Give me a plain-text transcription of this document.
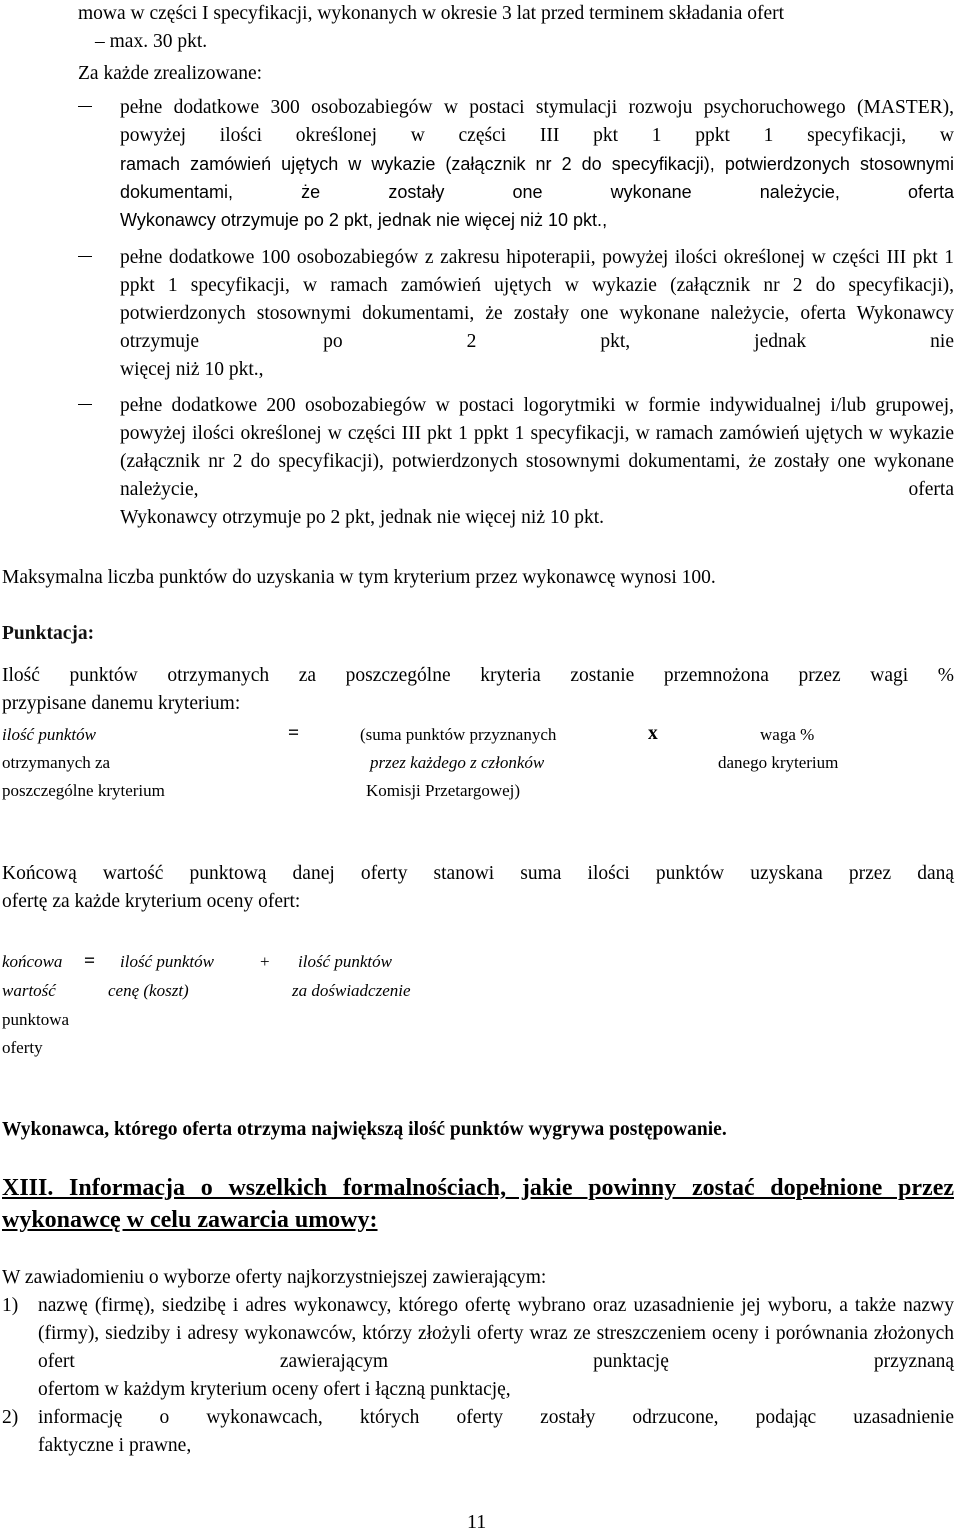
mowa w części I specyfikacji, wykonanych w okresie 3 lat przed terminem składania ofert
– max. 30 pkt.
Za każde zrealizowane:
pełne dodatkowe 300 osobozabiegów w postaci stymulacji rozwoju psychoruchowego (MASTER), powyżej ilości określonej w części III pkt 1 ppkt 1 specyfikacji, w
ramach zamówień ujętych w wykazie (załącznik nr 2 do specyfikacji), potwierdzonych stosownymi dokumentami, że zostały one wykonane należycie, oferta
Wykonawcy otrzymuje po 2 pkt, jednak nie więcej niż 10 pkt.,
pełne dodatkowe 100 osobozabiegów z zakresu hipoterapii, powyżej ilości określonej w części III pkt 1 ppkt 1 specyfikacji, w ramach zamówień ujętych w wykazie (załącznik nr 2 do specyfikacji), potwierdzonych stosownymi dokumentami, że zostały one wykonane należycie, oferta Wykonawcy otrzymuje po 2 pkt, jednak nie
więcej niż 10 pkt.,
pełne dodatkowe 200 osobozabiegów w postaci logorytmiki w formie indywidualnej i/lub grupowej, powyżej ilości określonej w części III pkt 1 ppkt 1 specyfikacji, w ramach zamówień ujętych w wykazie (załącznik nr 2 do specyfikacji), potwierdzonych stosownymi dokumentami, że zostały one wykonane należycie, oferta
Wykonawcy otrzymuje po 2 pkt, jednak nie więcej niż 10 pkt.
Maksymalna liczba punktów do uzyskania w tym kryterium przez wykonawcę wynosi 100.
Punktacja:
Ilość punktów otrzymanych za poszczególne kryteria zostanie przemnożona przez wagi %
przypisane danemu kryterium:
ilość punktów
otrzymanych za
poszczególne kryterium
=	(suma punktów przyznanych
przez każdego z członków
Komisji Przetargowej)
x	waga %
danego kryterium
Końcową wartość punktową danej oferty stanowi suma ilości punktów uzyskana przez daną
ofertę za każde kryterium oceny ofert:
końcowa
wartość
punktowa
oferty
= ilość punktów
cenę (koszt)
+ ilość punktów
za doświadczenie
Wykonawca, którego oferta otrzyma największą ilość punktów wygrywa postępowanie.
XIII. Informacja o wszelkich formalnościach, jakie powinny zostać dopełnione przez wykonawcę w celu zawarcia umowy:
W zawiadomieniu o wyborze oferty najkorzystniejszej zawierającym:
1) nazwę (firmę), siedzibę i adres wykonawcy, którego ofertę wybrano oraz uzasadnienie jej wyboru, a także nazwy (firmy), siedziby i adresy wykonawców, którzy złożyli oferty wraz ze streszczeniem oceny i porównania złożonych ofert zawierającym punktację przyznaną
ofertom w każdym kryterium oceny ofert i łączną punktację,
2) informację o wykonawcach, których oferty zostały odrzucone, podając uzasadnienie
faktyczne i prawne,
11
